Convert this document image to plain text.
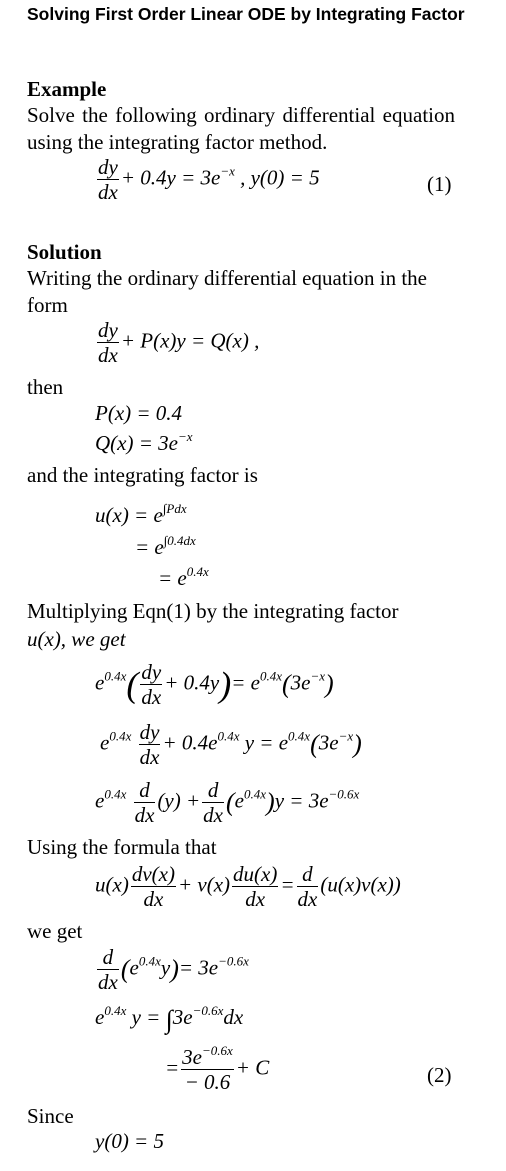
Solving First Order Linear ODE by Integrating Factor
Example
Solve the following ordinary differential equation using the integrating factor method.
$\frac{dy}{dx} + 0.4y = 3e^{-x}$ , y(0) = 5	(1)
Solution
Writing the ordinary differential equation in the form
$\frac{dy}{dx} + P(x)y = Q(x)$ ,
then
P(x) = 0.4
$Q(x) = 3e^{-x}$
and the integrating factor is
$u(x) = e^{\int Pdx}$
= $e^{\int 0.4dx}$
= $e^{0.4x}$
Multiplying Eqn(1) by the integrating factor
u(x), we get
$e^{0.4x}( \frac{dy}{dx} + 0.4y)= e^{0.4x}(3e^{-x})$
$e^{0.4x} \frac{dy}{dx} + 0.4e^{0.4x}$ $y = e^{0.4x}(3e^{-x})$
$e^{0.4x} \frac{d}{dx} (y) + \frac{d}{dx} (e^{0.4x})y = 3e^{-0.6x}$
Using the formula that
$u(x) \frac{dv(x)}{dx} + v(x) \frac{du(x)}{dx} = \frac{d}{dx} (u(x)v(x))$
we get
$\frac{d}{dx} (e^{0.4x}y)= 3e^{-0.6x}$
$e^{0.4x}$ $y = \int 3e^{-0.6x}dx$
= $\frac{3e^{-0.6x}}{- 0.6} + C$	(2)
Since
y(0) = 5
